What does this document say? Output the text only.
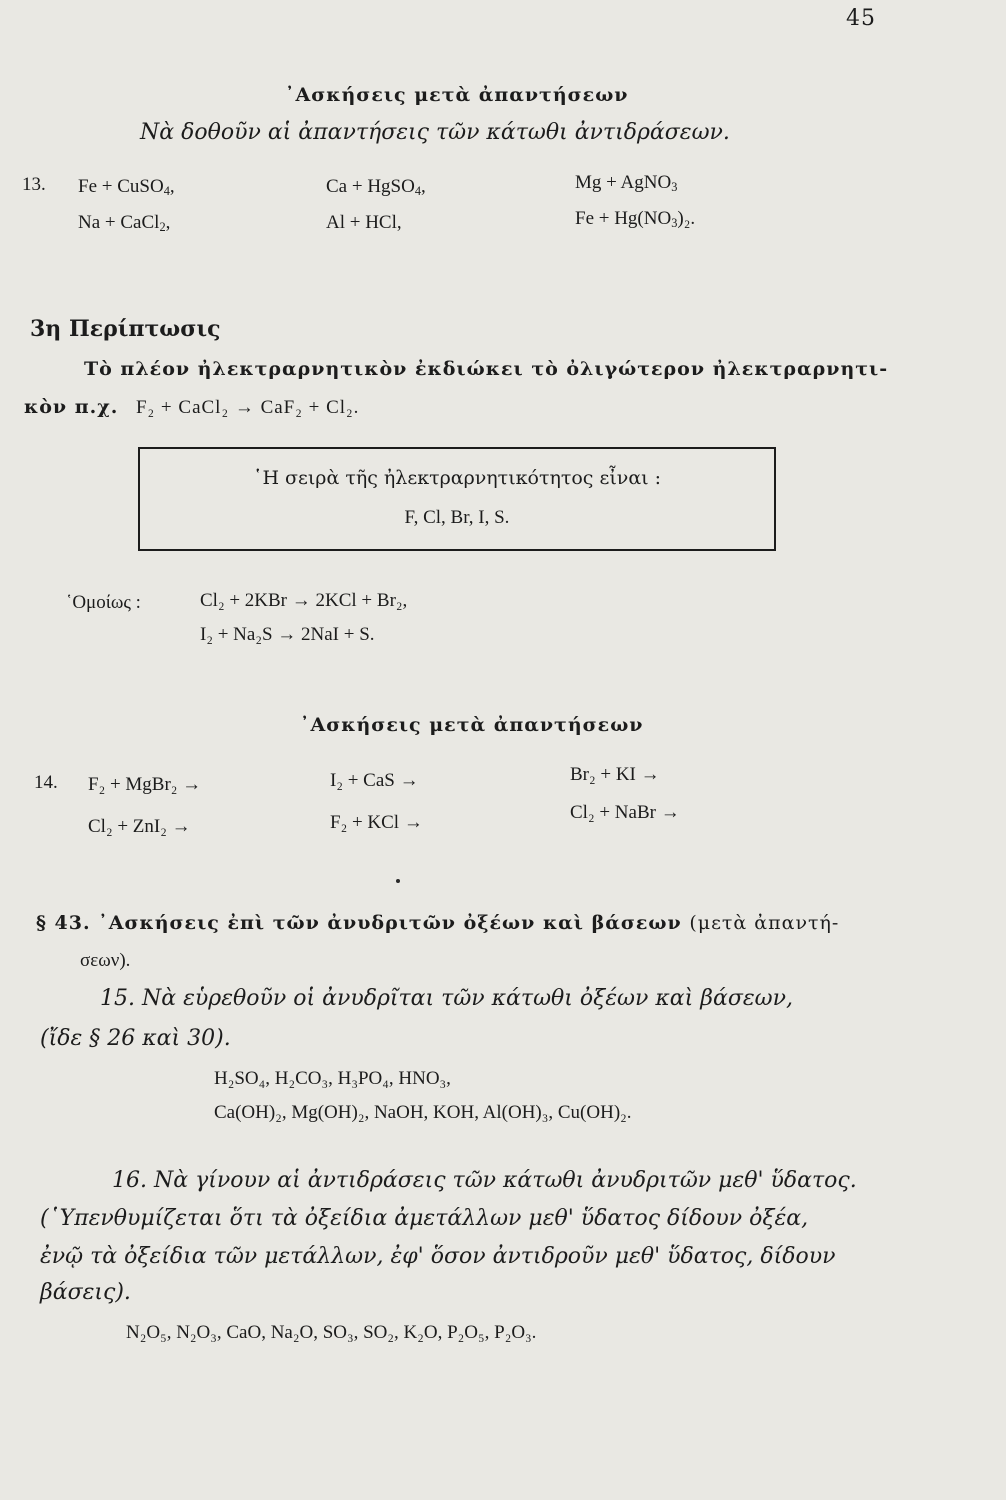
45
᾿Ασκήσεις μετὰ ἀπαντήσεων
Νὰ δοθοῦν αἱ ἀπαντήσεις τῶν κάτωθι ἀντιδράσεων.
13. Fe + CuSO$_4$,	Ca + HgSO$_4$,	Mg + AgNO$_3$
Na + CaCl$_2$,	Al + HCl,	$Fe + Hg(NO_3)_2$.
3η Περίπτωσις
Τὸ πλέον ἠλεκτραρνητικὸν ἐκδιώκει τὸ ὀλιγώτερον ἠλεκτραρνητι-
κὸν π.χ. F₂ + CaCl₂ → CaF₂ + Cl₂.
῾Η σειρὰ τῆς ἠλεκτραρνητικότητος εἶναι :
F, Cl, Br, I, S.
῾Ομοίως :	Cl₂ + 2KBr → 2KCl + Br₂,
I₂ + Na₂S → 2NaI + S.
᾿Ασκήσεις μετὰ ἀπαντήσεων
14. F₂ + MgBr₂ →	I₂ + CaS →	Br₂ + KI →
Cl₂ + ZnI₂ →	F₂ + KCl →	Cl₂ + NaBr →
§ 43. ᾿Ασκήσεις ἐπὶ τῶν ἀνυδριτῶν ὀξέων καὶ βάσεων (μετὰ ἀπαντή-
σεων).
15. Νὰ εὑρεθοῦν οἱ ἀνυδρῖται τῶν κάτωθι ὀξέων καὶ βάσεων,
(ἴδε § 26 καὶ 30).
H₂SO₄, H₂CO₃, H₃PO₄, HNO₃,
Ca(OH)₂, Mg(OH)₂, NaOH, KOH, Al(OH)₃, Cu(OH)₂.
16. Νὰ γίνουν αἱ ἀντιδράσεις τῶν κάτωθι ἀνυδριτῶν μεθ' ὕδατος.
(῾Υπενθυμίζεται ὅτι τὰ ὀξείδια ἀμετάλλων μεθ' ὕδατος δίδουν ὀξέα,
ἐνῷ τὰ ὀξείδια τῶν μετάλλων, ἐφ' ὅσον ἀντιδροῦν μεθ' ὕδατος, δίδουν
βάσεις).
N₂O₅, N₂O₃, CaO, Na₂O, SO₃, SO₂, K₂O, P₂O₅, P₂O₃.
